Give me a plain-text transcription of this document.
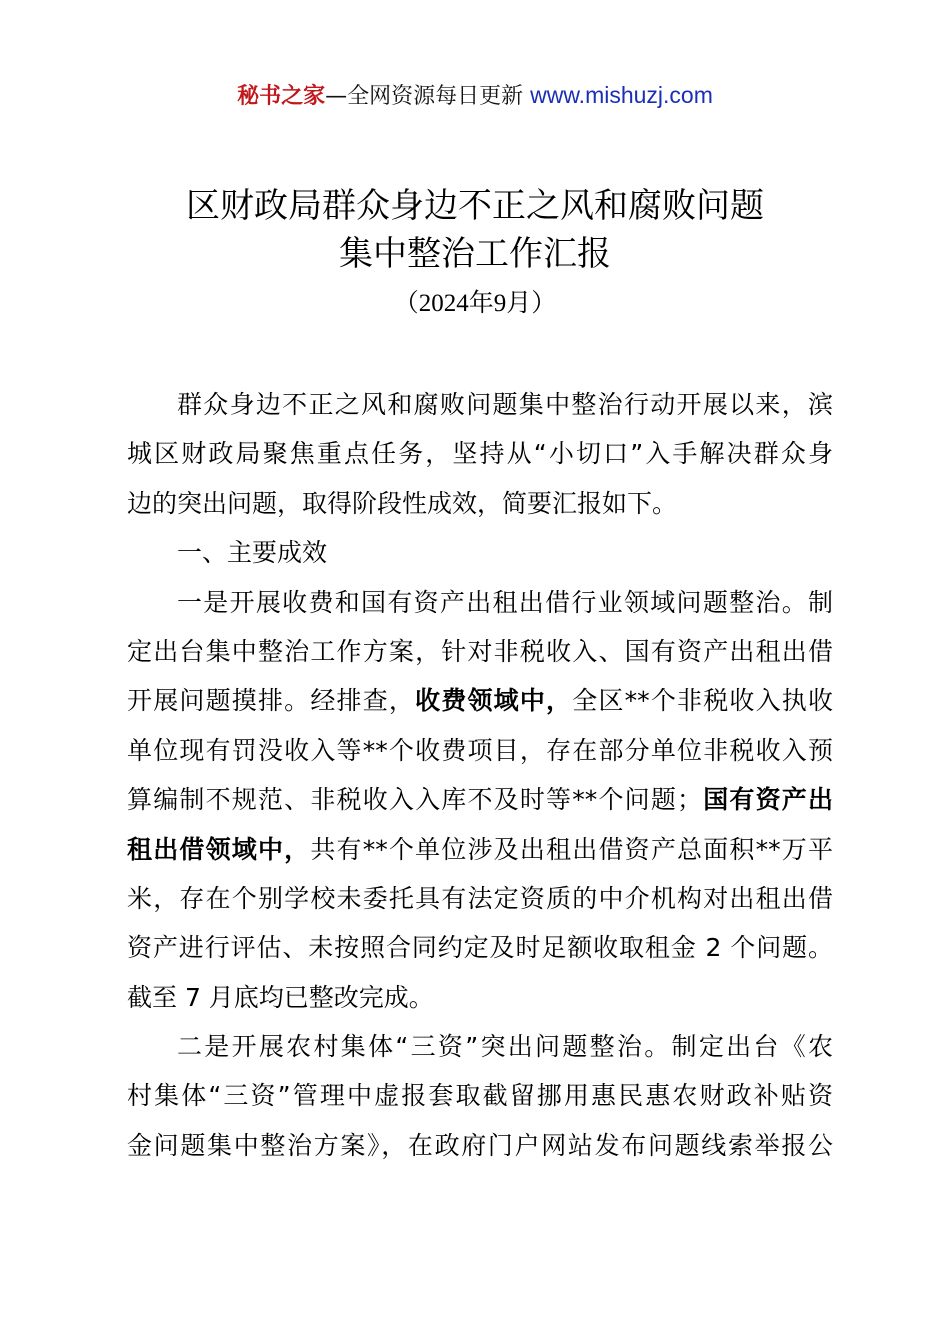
秘书之家—全网资源每日更新 www.mishuzj.com
区财政局群众身边不正之风和腐败问题
集中整治工作汇报
（2024年9月）
群众身边不正之风和腐败问题集中整治行动开展以来，滨
城区财政局聚焦重点任务，坚持从“小切口”入手解决群众身
边的突出问题，取得阶段性成效，简要汇报如下。
一、主要成效
一是开展收费和国有资产出租出借行业领域问题整治。制
定出台集中整治工作方案，针对非税收入、国有资产出租出借
开展问题摸排。经排查，收费领域中，全区**个非税收入执收
单位现有罚没收入等**个收费项目，存在部分单位非税收入预
算编制不规范、非税收入入库不及时等**个问题；国有资产出
租出借领域中，共有**个单位涉及出租出借资产总面积**万平
米，存在个别学校未委托具有法定资质的中介机构对出租出借
资产进行评估、未按照合同约定及时足额收取租金 2 个问题。
截至 7 月底均已整改完成。
二是开展农村集体“三资”突出问题整治。制定出台《农
村集体“三资”管理中虚报套取截留挪用惠民惠农财政补贴资
金问题集中整治方案》，在政府门户网站发布问题线索举报公
